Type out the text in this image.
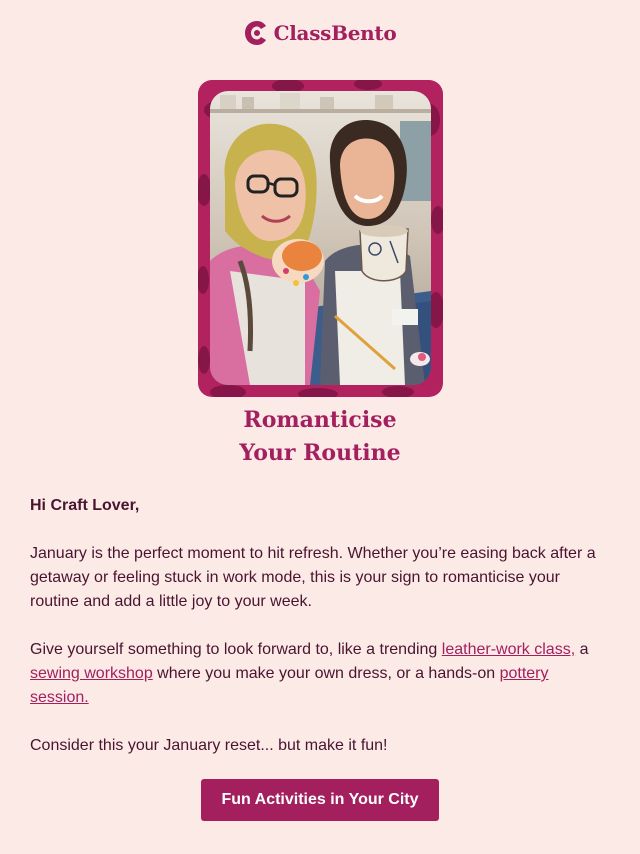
ClassBento
Romanticise
Your Routine

Hi Craft Lover,

January is the perfect moment to hit refresh. Whether you’re easing back after a getaway or feeling stuck in work mode, this is your sign to romanticise your routine and add a little joy to your week.

Give yourself something to look forward to, like a trending leather-work class, a sewing workshop where you make your own dress, or a hands-on pottery session.

Consider this your January reset... but make it fun!

Fun Activities in Your City
